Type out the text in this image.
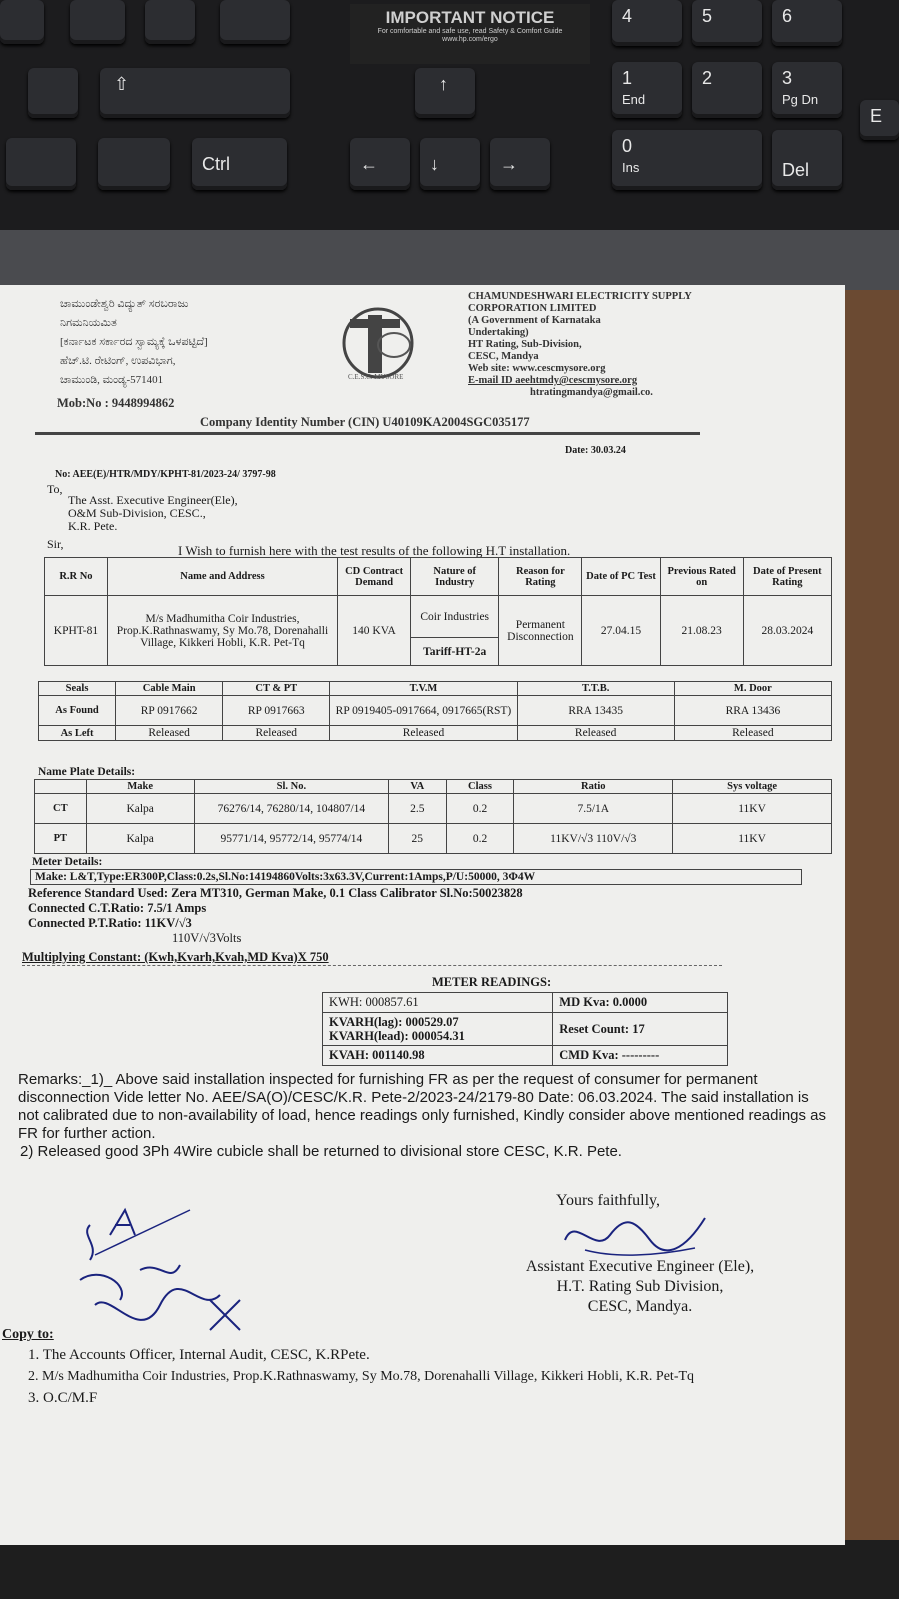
IMPORTANT NOTICE
For comfortable and safe use, read Safety & Comfort Guide www.hp.com/ergo
4	5	6
⇧	↑	1
End
2	3
Pg Dn
E
Ctrl	←	↓	→
0
Ins	Del
ಚಾಮುಂಡೇಶ್ವರಿ ವಿದ್ಯುತ್ ಸರಬರಾಜು
ನಿಗಮನಿಯಮಿತ
[ಕರ್ನಾಟಕ ಸರ್ಕಾರದ ಸ್ವಾಮ್ಯಕ್ಕೆ ಒಳಪಟ್ಟಿದೆ]
ಹೆಚ್.ಟಿ. ರೇಟಿಂಗ್, ಉಪವಿಭಾಗ,
ಚಾಮುಂಡಿ, ಮಂಡ್ಯ-571401
Mob:No : 9448994862
C.E.S.C. MYSORE
CHAMUNDESHWARI ELECTRICITY SUPPLY
CORPORATION LIMITED
(A Government of Karnataka
Undertaking)
HT Rating, Sub-Division,
CESC, Mandya
Web site: www.cescmysore.org
E-mail ID aeehtmdy@cescmysore.org
htratingmandya@gmail.co.
Company Identity Number (CIN) U40109KA2004SGC035177
No: AEE(E)/HTR/MDY/KPHT-81/2023-24/ 3797-98
Date: 30.03.24
To,
The Asst. Executive Engineer(Ele),
O&M Sub-Division, CESC.,
K.R. Pete.
Sir,	I Wish to furnish here with the test results of the following H.T installation.
R.R No	Name and Address	CD Contract Demand	Nature of Industry	Reason for Rating	Date of PC Test	Previous Rated on	Date of Present Rating
KPHT-81	M/s Madhumitha Coir Industries, Prop.K.Rathnaswamy, Sy Mo.78, Dorenahalli Village, Kikkeri Hobli, K.R. Pet-Tq	140 KVA	Coir Industries	Permanent Disconnection	27.04.15	21.08.23	28.03.2024
			Tariff-HT-2a				
Seals	Cable Main	CT & PT	T.V.M	T.T.B.	M. Door
As Found	RP 0917662	RP 0917663	RP 0919405-0917664, 0917665(RST)	RRA 13435	RRA 13436
As Left	Released	Released	Released	Released	Released
Name Plate Details:
	Make	Sl. No.	VA	Class	Ratio	Sys voltage
CT	Kalpa	76276/14, 76280/14, 104807/14	2.5	0.2	7.5/1A	11KV
PT	Kalpa	95771/14, 95772/14, 95774/14	25	0.2	11KV/√3 110V/√3	11KV
Meter Details:
Make: L&T,Type:ER300P,Class:0.2s,Sl.No:14194860Volts:3x63.3V,Current:1Amps,P/U:50000, 3Φ4W
Reference Standard Used: Zera MT310, German Make, 0.1 Class Calibrator Sl.No:50023828
Connected C.T.Ratio: 7.5/1 Amps
Connected P.T.Ratio: 11KV/√3
110V/√3Volts
Multiplying Constant: (Kwh,Kvarh,Kvah,MD Kva)X 750
METER READINGS:
KWH: 000857.61	MD Kva: 0.0000

KVARH(lag): 000529.07
KVARH(lead): 000054.31	Reset Count: 17
KVAH: 001140.98	CMD Kva: ---------
Remarks:_1)_ Above said installation inspected for furnishing FR as per the request of consumer for permanent disconnection Vide letter No. AEE/SA(O)/CESC/K.R. Pete-2/2023-24/2179-80 Date: 06.03.2024. The said installation is not calibrated due to non-availability of load, hence readings only furnished, Kindly consider above mentioned readings as FR for further action.
2) Released good 3Ph 4Wire cubicle shall be returned to divisional store CESC, K.R. Pete.
Yours faithfully,
Assistant Executive Engineer (Ele),
H.T. Rating Sub Division,
CESC, Mandya.
Copy to:
1. The Accounts Officer, Internal Audit, CESC, K.RPete.
2. M/s Madhumitha Coir Industries, Prop.K.Rathnaswamy, Sy Mo.78, Dorenahalli Village, Kikkeri Hobli, K.R. Pet-Tq
3. O.C/M.F
